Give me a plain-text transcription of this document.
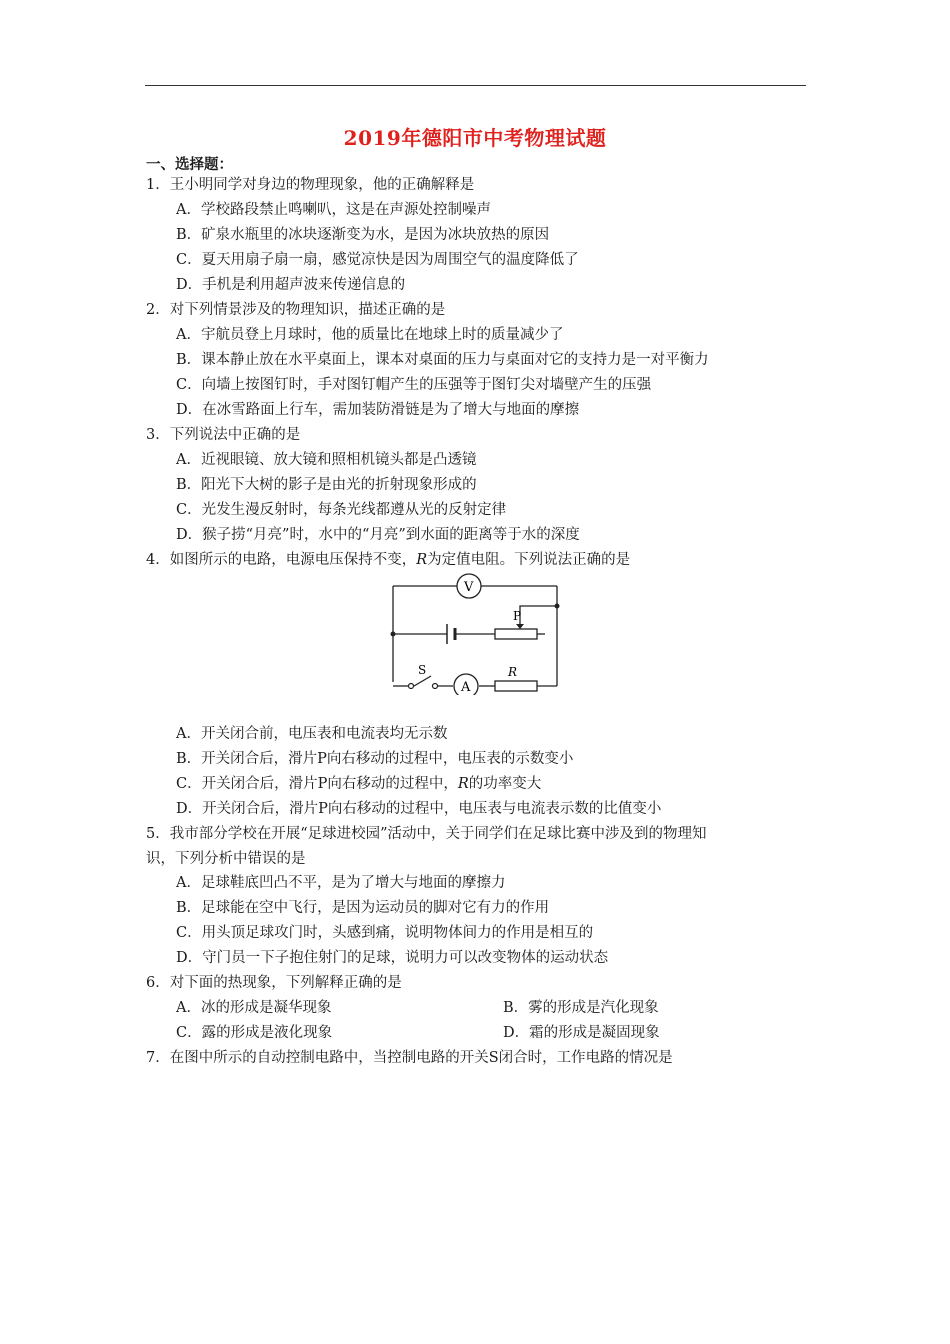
2019年德阳市中考物理试题
一、选择题：
1．王小明同学对身边的物理现象，他的正确解释是
A．学校路段禁止鸣喇叭，这是在声源处控制噪声
B．矿泉水瓶里的冰块逐渐变为水，是因为冰块放热的原因
C．夏天用扇子扇一扇，感觉凉快是因为周围空气的温度降低了
D．手机是利用超声波来传递信息的
2．对下列情景涉及的物理知识，描述正确的是
A．宇航员登上月球时，他的质量比在地球上时的质量减少了
B．课本静止放在水平桌面上，课本对桌面的压力与桌面对它的支持力是一对平衡力
C．向墙上按图钉时，手对图钉帽产生的压强等于图钉尖对墙壁产生的压强
D．在冰雪路面上行车，需加装防滑链是为了增大与地面的摩擦
3．下列说法中正确的是
A．近视眼镜、放大镜和照相机镜头都是凸透镜
B．阳光下大树的影子是由光的折射现象形成的
C．光发生漫反射时，每条光线都遵从光的反射定律
D．猴子捞“月亮”时，水中的“月亮”到水面的距离等于水的深度
4．如图所示的电路，电源电压保持不变，R为定值电阻。下列说法正确的是
P
V
A
R
S
A．开关闭合前，电压表和电流表均无示数
B．开关闭合后，滑片P向右移动的过程中，电压表的示数变小
C．开关闭合后，滑片P向右移动的过程中，R的功率变大
D．开关闭合后，滑片P向右移动的过程中，电压表与电流表示数的比值变小
5．我市部分学校在开展“足球进校园”活动中，关于同学们在足球比赛中涉及到的物理知
识，下列分析中错误的是
A．足球鞋底凹凸不平，是为了增大与地面的摩擦力
B．足球能在空中飞行，是因为运动员的脚对它有力的作用
C．用头顶足球攻门时，头感到痛，说明物体间力的作用是相互的
D．守门员一下子抱住射门的足球，说明力可以改变物体的运动状态
6．对下面的热现象，下列解释正确的是
A．冰的形成是凝华现象	B．雾的形成是汽化现象
C．露的形成是液化现象	D．霜的形成是凝固现象
7．在图中所示的自动控制电路中，当控制电路的开关S闭合时，工作电路的情况是
